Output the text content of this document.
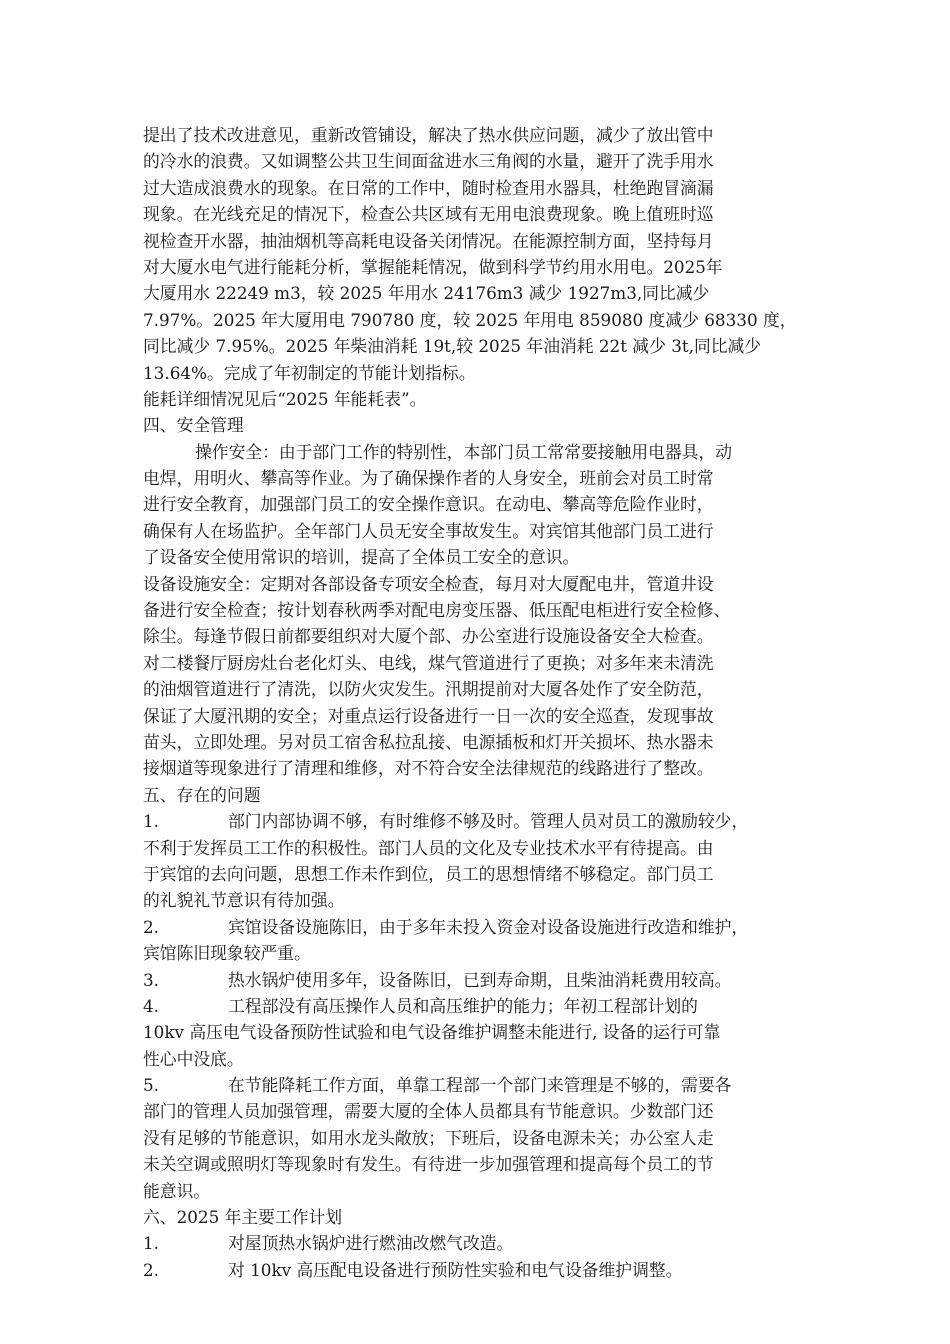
提出了技术改进意见，重新改管铺设，解决了热水供应问题，减少了放出管中
的冷水的浪费。又如调整公共卫生间面盆进水三角阀的水量，避开了洗手用水
过大造成浪费水的现象。在日常的工作中，随时检查用水器具，杜绝跑冒滴漏
现象。在光线充足的情况下，检查公共区域有无用电浪费现象。晚上值班时巡
视检查开水器，抽油烟机等高耗电设备关闭情况。在能源控制方面，坚持每月
对大厦水电气进行能耗分析，掌握能耗情况，做到科学节约用水用电。2025年
大厦用水 22249 m3，较 2025 年用水 24176m3 减少 1927m3,同比减少
7.97%。2025 年大厦用电 790780 度，较 2025 年用电 859080 度减少 68330 度，
同比减少 7.95%。2025 年柴油消耗 19t,较 2025 年油消耗 22t 减少 3t,同比减少
13.64%。完成了年初制定的节能计划指标。
能耗详细情况见后“2025 年能耗表”。
四、安全管理
操作安全：由于部门工作的特别性，本部门员工常常要接触用电器具，动
电焊，用明火、攀高等作业。为了确保操作者的人身安全，班前会对员工时常
进行安全教育，加强部门员工的安全操作意识。在动电、攀高等危险作业时，
确保有人在场监护。全年部门人员无安全事故发生。对宾馆其他部门员工进行
了设备安全使用常识的培训，提高了全体员工安全的意识。
设备设施安全：定期对各部设备专项安全检查，每月对大厦配电井，管道井设
备进行安全检查；按计划春秋两季对配电房变压器、低压配电柜进行安全检修、
除尘。每逢节假日前都要组织对大厦个部、办公室进行设施设备安全大检查。
对二楼餐厅厨房灶台老化灯头、电线，煤气管道进行了更换；对多年来未清洗
的油烟管道进行了清洗，以防火灾发生。汛期提前对大厦各处作了安全防范，
保证了大厦汛期的安全；对重点运行设备进行一日一次的安全巡查，发现事故
苗头，立即处理。另对员工宿舍私拉乱接、电源插板和灯开关损坏、热水器未
接烟道等现象进行了清理和维修，对不符合安全法律规范的线路进行了整改。
五、存在的问题
1.	部门内部协调不够，有时维修不够及时。管理人员对员工的激励较少，
不利于发挥员工工作的积极性。部门人员的文化及专业技术水平有待提高。由
于宾馆的去向问题，思想工作未作到位，员工的思想情绪不够稳定。部门员工
的礼貌礼节意识有待加强。
2.	宾馆设备设施陈旧，由于多年未投入资金对设备设施进行改造和维护，
宾馆陈旧现象较严重。
3.	热水锅炉使用多年，设备陈旧，已到寿命期，且柴油消耗费用较高。
4.	工程部没有高压操作人员和高压维护的能力；年初工程部计划的
10kv 高压电气设备预防性试验和电气设备维护调整未能进行, 设备的运行可靠
性心中没底。
5.	在节能降耗工作方面，单靠工程部一个部门来管理是不够的，需要各
部门的管理人员加强管理，需要大厦的全体人员都具有节能意识。少数部门还
没有足够的节能意识，如用水龙头敞放；下班后，设备电源未关；办公室人走
未关空调或照明灯等现象时有发生。有待进一步加强管理和提高每个员工的节
能意识。
六、2025 年主要工作计划
1.	对屋顶热水锅炉进行燃油改燃气改造。
2.	对 10kv 高压配电设备进行预防性实验和电气设备维护调整。
